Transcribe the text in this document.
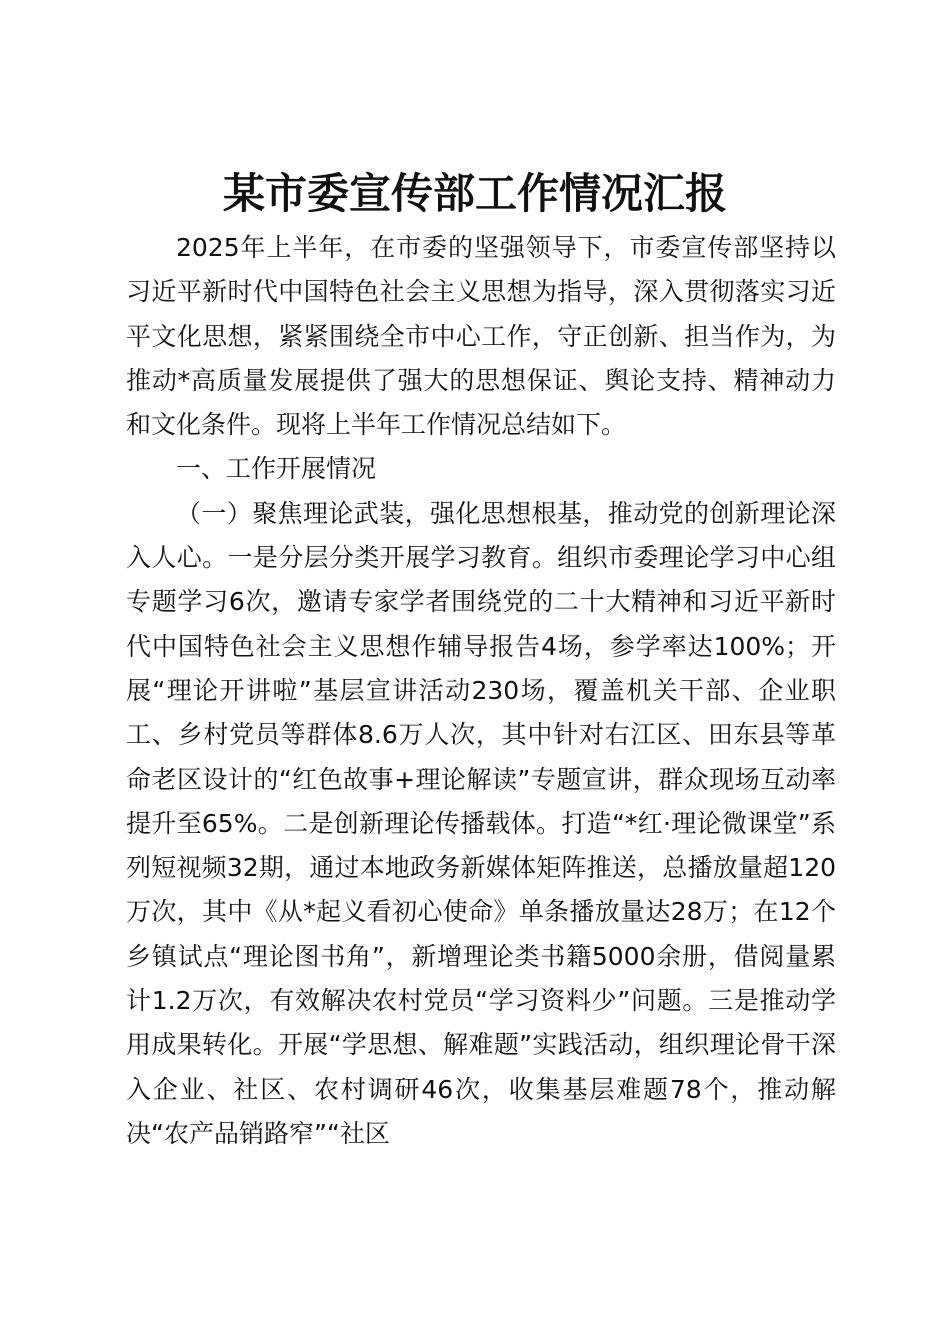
某市委宣传部工作情况汇报

2025年上半年，在市委的坚强领导下，市委宣传部坚持以习近平新时代中国特色社会主义思想为指导，深入贯彻落实习近平文化思想，紧紧围绕全市中心工作，守正创新、担当作为，为推动*高质量发展提供了强大的思想保证、舆论支持、精神动力和文化条件。现将上半年工作情况总结如下。

一、工作开展情况

（一）聚焦理论武装，强化思想根基，推动党的创新理论深入人心。一是分层分类开展学习教育。组织市委理论学习中心组专题学习6次，邀请专家学者围绕党的二十大精神和习近平新时代中国特色社会主义思想作辅导报告4场，参学率达100%；开展“理论开讲啦”基层宣讲活动230场，覆盖机关干部、企业职工、乡村党员等群体8.6万人次，其中针对右江区、田东县等革命老区设计的“红色故事+理论解读”专题宣讲，群众现场互动率提升至65%。二是创新理论传播载体。打造“*红·理论微课堂”系列短视频32期，通过本地政务新媒体矩阵推送，总播放量超120万次，其中《从*起义看初心使命》单条播放量达28万；在12个乡镇试点“理论图书角”，新增理论类书籍5000余册，借阅量累计1.2万次，有效解决农村党员“学习资料少”问题。三是推动学用成果转化。开展“学思想、解难题”实践活动，组织理论骨干深入企业、社区、农村调研46次，收集基层难题78个，推动解决“农产品销路窄”“社区
